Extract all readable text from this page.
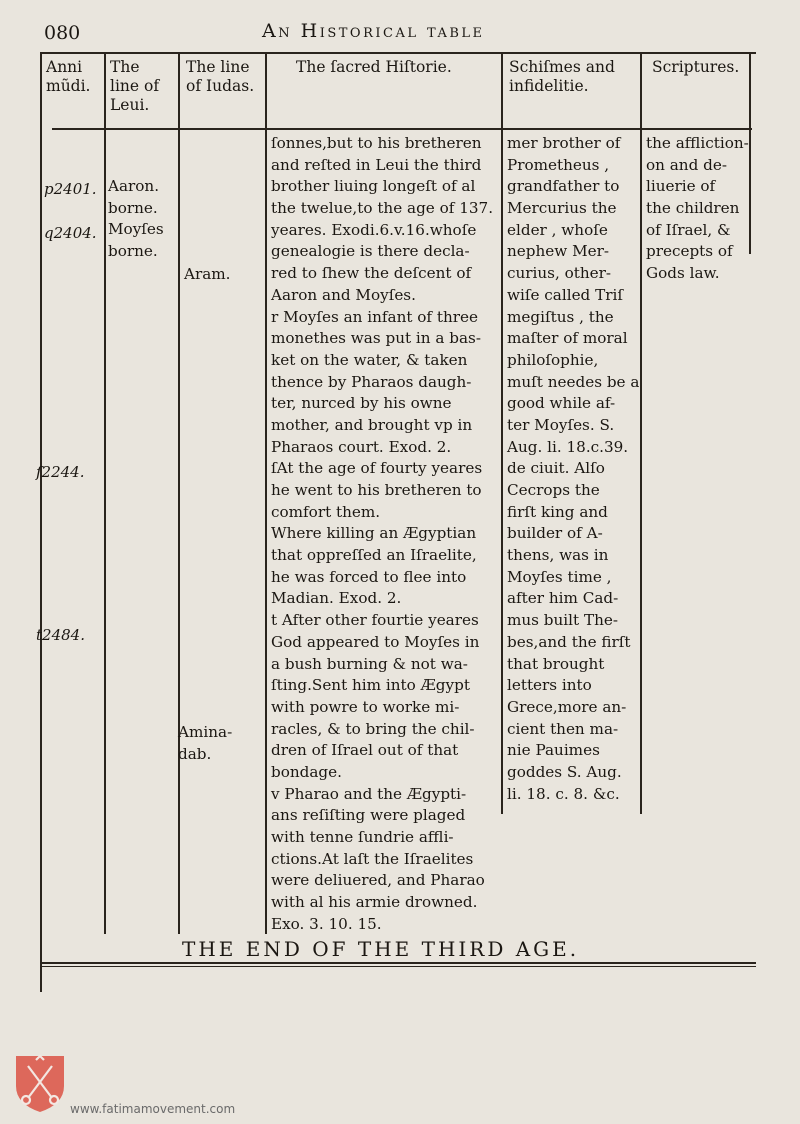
080	An Historical table
Anni
mũdi.
The
line of
Leui.
The line
of Iudas.
The ſacred Hiſtorie.	Schiſmes and
infidelitie.
Scriptures.
p2401.
q2404.
ſ2244.
t2484.
Aaron.
borne.
Moyſes
borne.
Aram.
Amina-
dab.
ſonnes,but to his bretheren
and reſted in Leui the third
brother liuing longeſt of al
the twelue,to the age of 137.
yeares. Exodi.6.v.16.whoſe
genealogie is there decla-
red to ſhew the deſcent of
Aaron and Moyſes.
r Moyſes an infant of three
monethes was put in a bas-
ket on the water, & taken
thence by Pharaos daugh-
ter, nurced by his owne
mother, and brought vp in
Pharaos court. Exod. 2.
ſAt the age of fourty yeares
he went to his bretheren to
comfort them.
Where killing an Ægyptian
that oppreſſed an Iſraelite,
he was forced to flee into
Madian. Exod. 2.
t After other fourtie yeares
God appeared to Moyſes in
a bush burning & not wa-
ſting.Sent him into Ægypt
with powre to worke mi-
racles, & to bring the chil-
dren of Iſrael out of that
bondage.
v Pharao and the Ægypti-
ans reſiſting were plaged
with tenne ſundrie affli-
ctions.At laſt the Iſraelites
were deliuered, and Pharao
with al his armie drowned.
Exo. 3. 10. 15.
mer brother of
Prometheus ,
grandfather to
Mercurius the
elder , whoſe
nephew Mer-
curius, other-
wiſe called Triſ
megiſtus , the
maſter of moral
philoſophie,
muſt needes be a
good while af-
ter Moyſes. S.
Aug. li. 18.c.39.
de ciuit. Alſo
Cecrops the
firſt king and
builder of A-
thens, was in
Moyſes time ,
after him Cad-
mus built The-
bes,and the firſt
that brought
letters into
Grece,more an-
cient then ma-
nie Pauimes
goddes S. Aug.
li. 18. c. 8. &c.
the affliction-
on and de-
liuerie of
the children
of Iſrael, &
precepts of
Gods law.
THE END OF THE THIRD AGE.
www.fatimamovement.com
